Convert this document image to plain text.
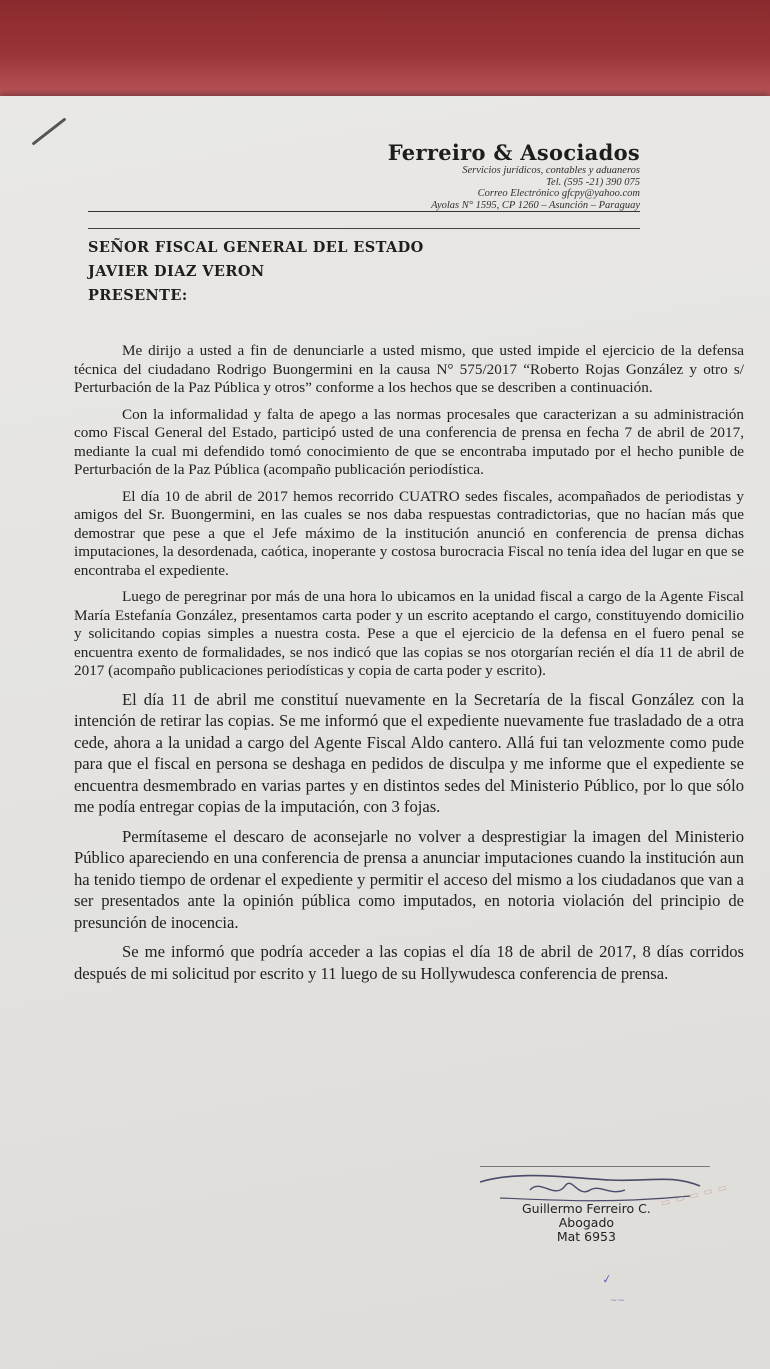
Ferreiro & Asociados
Servicios jurídicos, contables y aduaneros
Tel. (595 -21) 390 075
Correo Electrónico gfcpy@yahoo.com
Ayolas N° 1595, CP 1260 – Asunción – Paraguay
SEÑOR FISCAL GENERAL DEL ESTADO
JAVIER DIAZ VERON
PRESENTE:

Me dirijo a usted a fin de denunciarle a usted mismo, que usted impide el ejercicio de la defensa técnica del ciudadano Rodrigo Buongermini en la causa N° 575/2017 “Roberto Rojas González y otro s/ Perturbación de la Paz Pública y otros” conforme a los hechos que se describen a continuación.

Con la informalidad y falta de apego a las normas procesales que caracterizan a su administración como Fiscal General del Estado, participó usted de una conferencia de prensa en fecha 7 de abril de 2017, mediante la cual mi defendido tomó conocimiento de que se encontraba imputado por el hecho punible de Perturbación de la Paz Pública (acompaño publicación periodística.

El día 10 de abril de 2017 hemos recorrido CUATRO sedes fiscales, acompañados de periodistas y amigos del Sr. Buongermini, en las cuales se nos daba respuestas contradictorias, que no hacían más que demostrar que pese a que el Jefe máximo de la institución anunció en conferencia de prensa dichas imputaciones, la desordenada, caótica, inoperante y costosa burocracia Fiscal no tenía idea del lugar en que se encontraba el expediente.

Luego de peregrinar por más de una hora lo ubicamos en la unidad fiscal a cargo de la Agente Fiscal María Estefanía González, presentamos carta poder y un escrito aceptando el cargo, constituyendo domicilio y solicitando copias simples a nuestra costa. Pese a que el ejercicio de la defensa en el fuero penal se encuentra exento de formalidades, se nos indicó que las copias se nos otorgarían recién el día 11 de abril de 2017 (acompaño publicaciones periodísticas y copia de carta poder y escrito).

El día 11 de abril me constituí nuevamente en la Secretaría de la fiscal González con la intención de retirar las copias. Se me informó que el expediente nuevamente fue trasladado de a otra cede, ahora a la unidad a cargo del Agente Fiscal Aldo cantero. Allá fui tan velozmente como pude para que el fiscal en persona se deshaga en pedidos de disculpa y me informe que el expediente se encuentra desmembrado en varias partes y en distintos sedes del Ministerio Público, por lo que sólo me podía entregar copias de la imputación, con 3 fojas.

Permítaseme el descaro de aconsejarle no volver a desprestigiar la imagen del Ministerio Público apareciendo en una conferencia de prensa a anunciar imputaciones cuando la institución aun ha tenido tiempo de ordenar el expediente y permitir el acceso del mismo a los ciudadanos que van a ser presentados ante la opinión pública como imputados, en notoria violación del principio de presunción de inocencia.

Se me informó que podría acceder a las copias el día 18 de abril de 2017, 8 días corridos después de mi solicitud por escrito y 11 luego de su Hollywudesca conferencia de prensa.

▭ ▭ ▭ ▭ ▭
Guillermo Ferreiro C.
Abogado
Mat 6953
✓
~~
